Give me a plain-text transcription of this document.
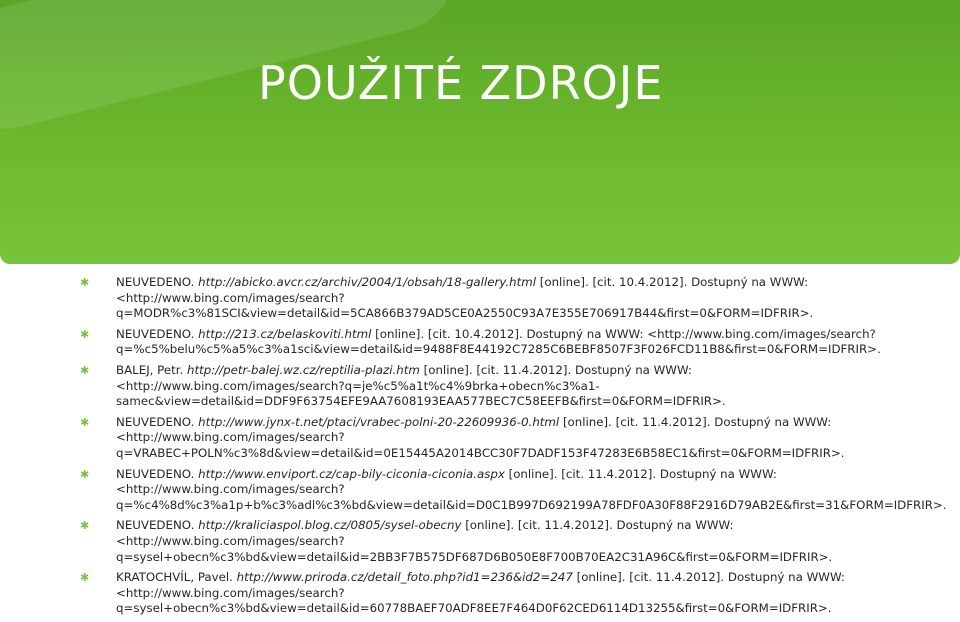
POUŽITÉ ZDROJE
✱ NEUVEDENO. http://abicko.avcr.cz/archiv/2004/1/obsah/18-gallery.html [online]. [cit. 10.4.2012]. Dostupný na WWW: <http://www.bing.com/images/search?q=MODR%c3%81SCI&view=detail&id=5CA866B379AD5CE0A2550C93A7E355E706917B44&first=0&FORM=IDFRIR>.
✱ NEUVEDENO. http://213.cz/belaskoviti.html [online]. [cit. 10.4.2012]. Dostupný na WWW: <http://www.bing.com/images/search?q=%c5%belu%c5%a5%c3%a1sci&view=detail&id=9488F8E44192C7285C6BEBF8507F3F026FCD11B8&first=0&FORM=IDFRIR>.
✱ BALEJ, Petr. http://petr-balej.wz.cz/reptilia-plazi.htm [online]. [cit. 11.4.2012]. Dostupný na WWW: <http://www.bing.com/images/search?q=je%c5%a1t%c4%9brka+obecn%c3%a1-samec&view=detail&id=DDF9F63754EFE9AA7608193EAA577BEC7C58EEFB&first=0&FORM=IDFRIR>.
✱ NEUVEDENO. http://www.jynx-t.net/ptaci/vrabec-polni-20-22609936-0.html [online]. [cit. 11.4.2012]. Dostupný na WWW: <http://www.bing.com/images/search?q=VRABEC+POLN%c3%8d&view=detail&id=0E15445A2014BCC30F7DADF153F47283E6B58EC1&first=0&FORM=IDFRIR>.
✱ NEUVEDENO. http://www.enviport.cz/cap-bily-ciconia-ciconia.aspx [online]. [cit. 11.4.2012]. Dostupný na WWW: <http://www.bing.com/images/search?q=%c4%8d%c3%a1p+b%c3%adl%c3%bd&view=detail&id=D0C1B997D692199A78FDF0A30F88F2916D79AB2E&first=31&FORM=IDFRIR>.
✱ NEUVEDENO. http://kraliciaspol.blog.cz/0805/sysel-obecny [online]. [cit. 11.4.2012]. Dostupný na WWW: <http://www.bing.com/images/search?q=sysel+obecn%c3%bd&view=detail&id=2BB3F7B575DF687D6B050E8F700B70EA2C31A96C&first=0&FORM=IDFRIR>.
✱ KRATOCHVÍL, Pavel. http://www.priroda.cz/detail_foto.php?id1=236&id2=247 [online]. [cit. 11.4.2012]. Dostupný na WWW: <http://www.bing.com/images/search?q=sysel+obecn%c3%bd&view=detail&id=60778BAEF70ADF8EE7F464D0F62CED6114D13255&first=0&FORM=IDFRIR>.
